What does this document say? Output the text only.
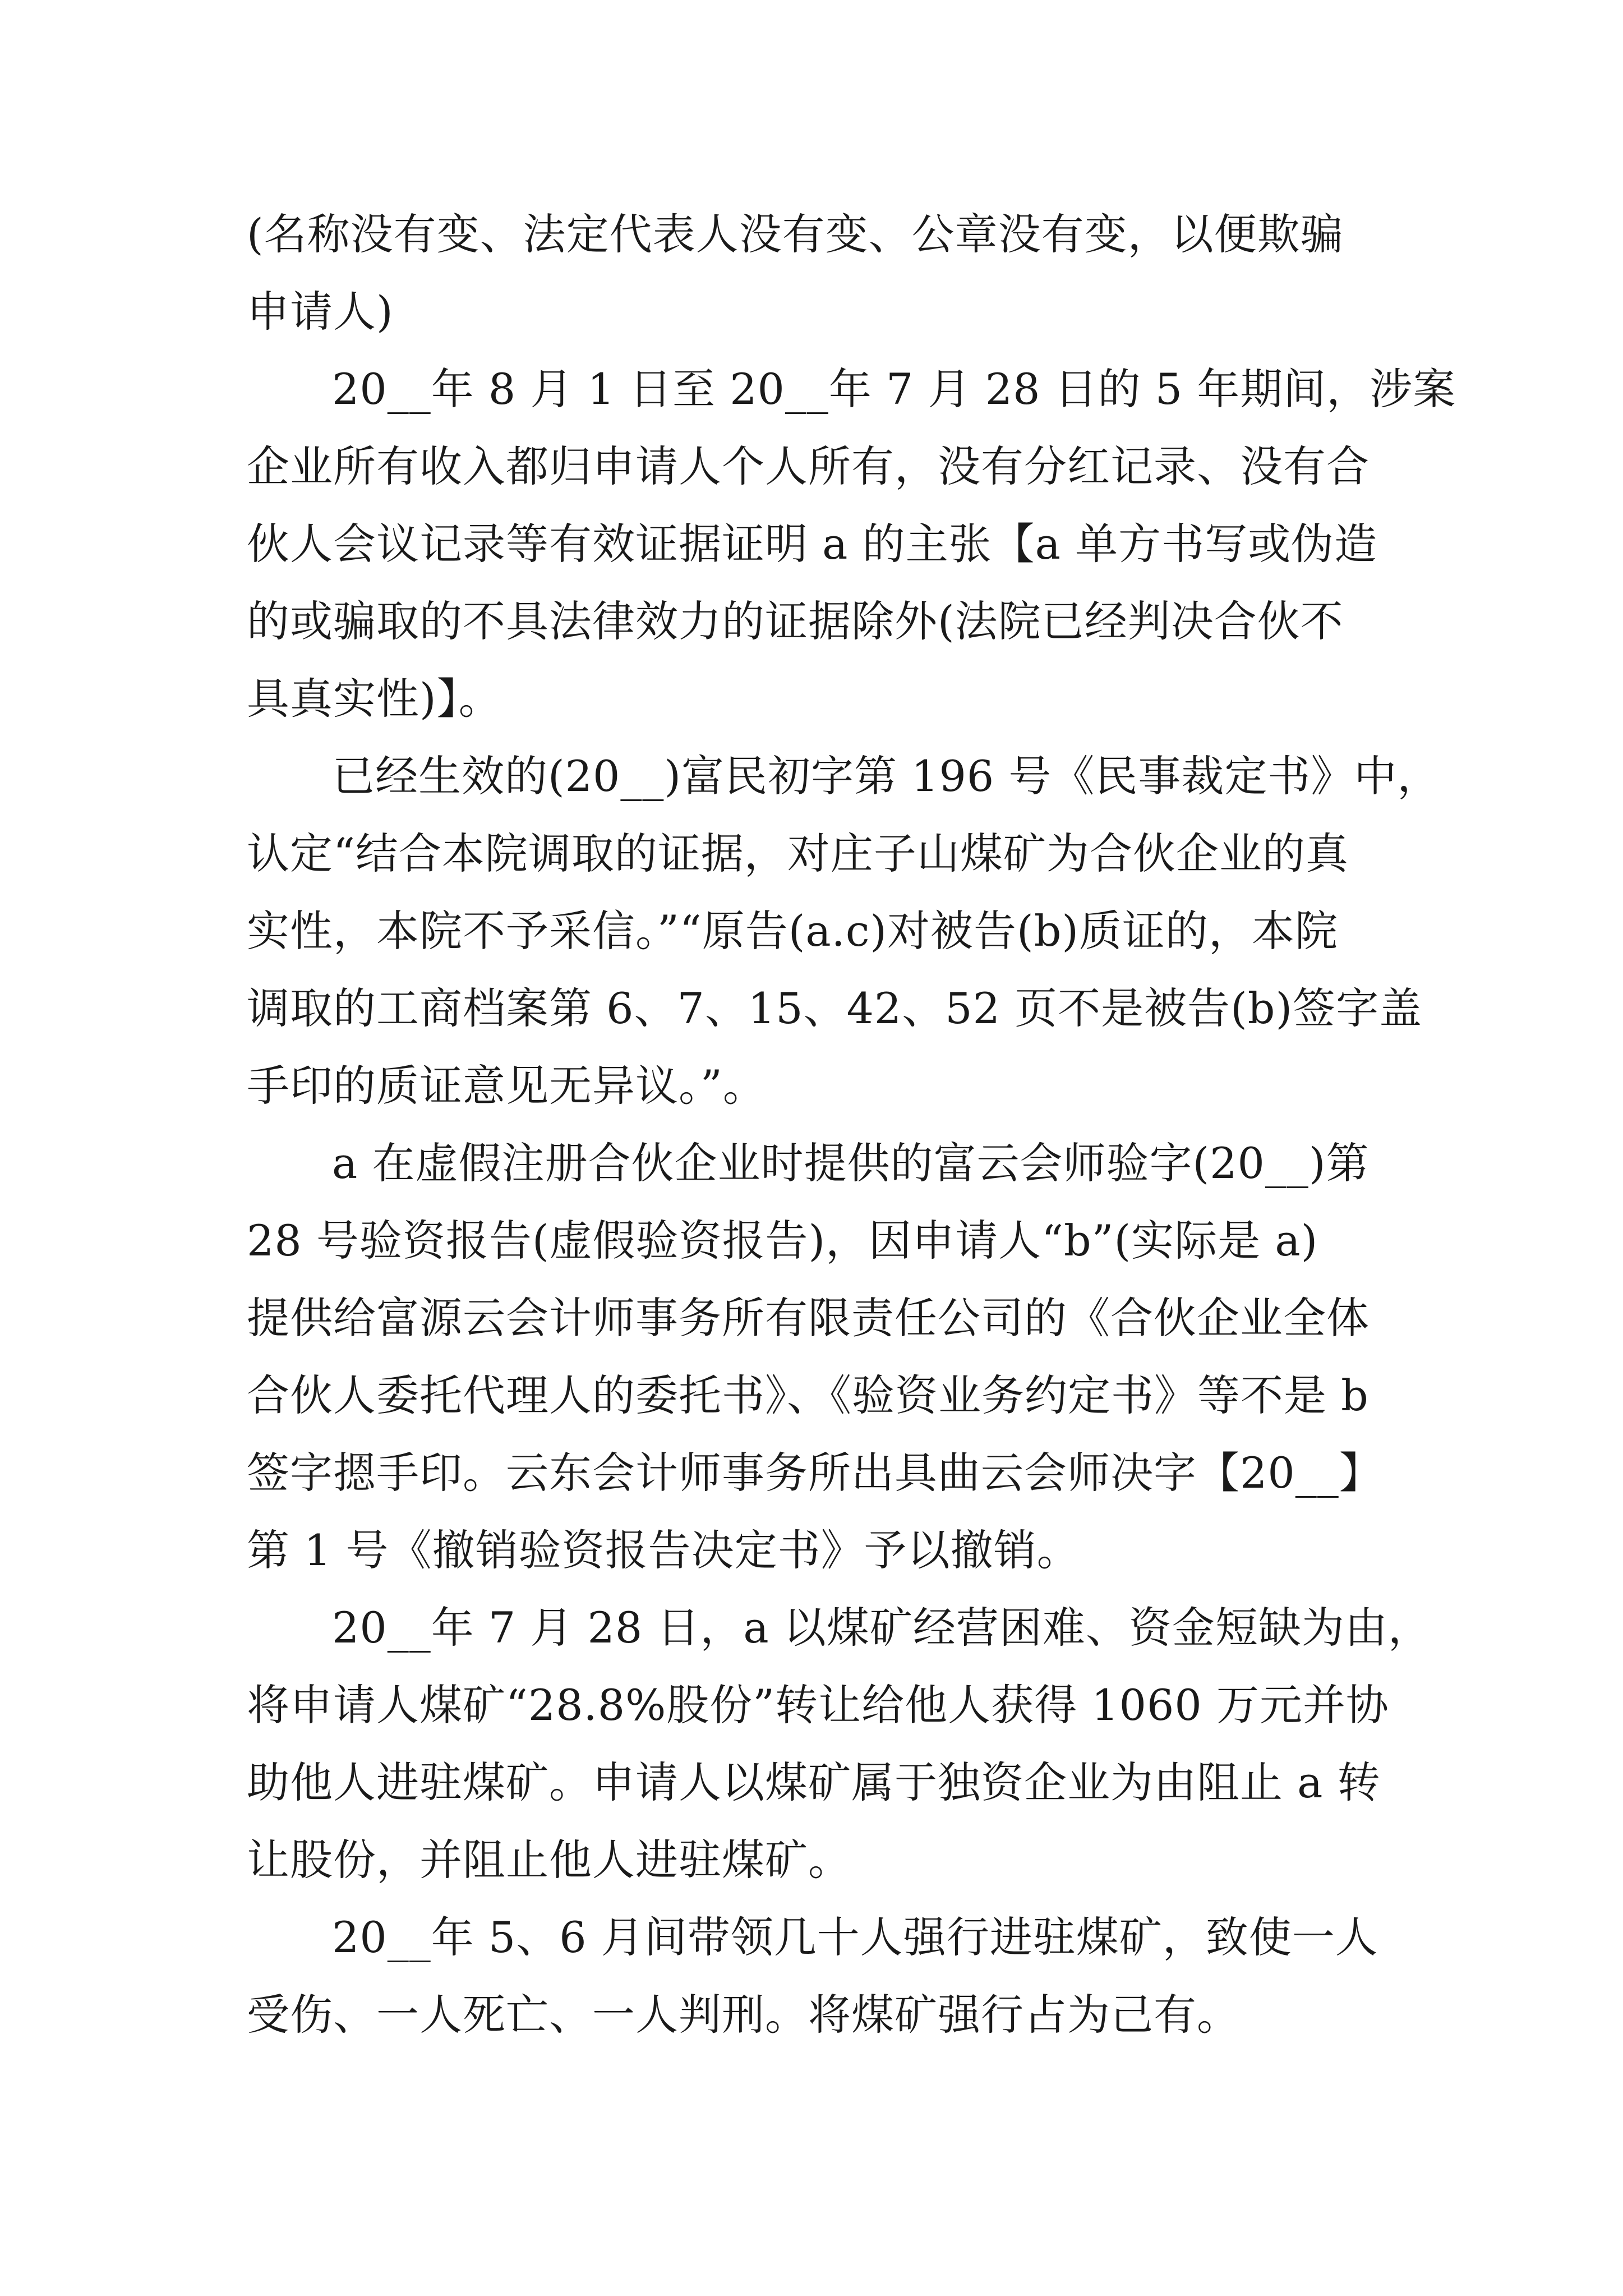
(名称没有变、法定代表人没有变、公章没有变，以便欺骗
申请人)
20__年 8 月 1 日至 20__年 7 月 28 日的 5 年期间，涉案
企业所有收入都归申请人个人所有，没有分红记录、没有合
伙人会议记录等有效证据证明 a 的主张【a 单方书写或伪造
的或骗取的不具法律效力的证据除外(法院已经判决合伙不
具真实性)】。
已经生效的(20__)富民初字第 196 号《民事裁定书》中，
认定“结合本院调取的证据，对庄子山煤矿为合伙企业的真
实性，本院不予采信。”“原告(a.c)对被告(b)质证的，本院
调取的工商档案第 6、7、15、42、52 页不是被告(b)签字盖
手印的质证意见无异议。”。
a 在虚假注册合伙企业时提供的富云会师验字(20__)第
28 号验资报告(虚假验资报告)，因申请人“b”(实际是 a)
提供给富源云会计师事务所有限责任公司的《合伙企业全体
合伙人委托代理人的委托书》、《验资业务约定书》等不是 b
签字摁手印。云东会计师事务所出具曲云会师决字【20__】
第 1 号《撤销验资报告决定书》予以撤销。
20__年 7 月 28 日，a 以煤矿经营困难、资金短缺为由，
将申请人煤矿“28.8%股份”转让给他人获得 1060 万元并协
助他人进驻煤矿。申请人以煤矿属于独资企业为由阻止 a 转
让股份，并阻止他人进驻煤矿。
20__年 5、6 月间带领几十人强行进驻煤矿，致使一人
受伤、一人死亡、一人判刑。将煤矿强行占为己有。
